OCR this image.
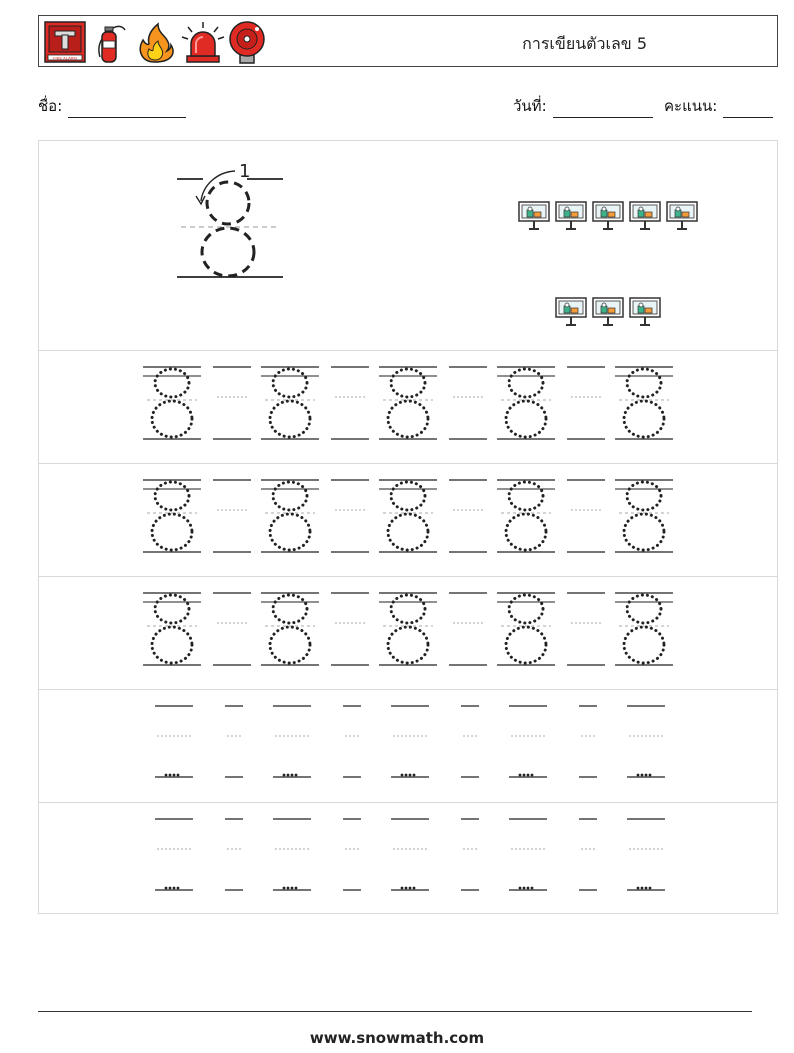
FIRE ALARM
การเขียนตัวเลข 5
ชื่อ:	วันที่:	คะแนน:
1
www.snowmath.com
